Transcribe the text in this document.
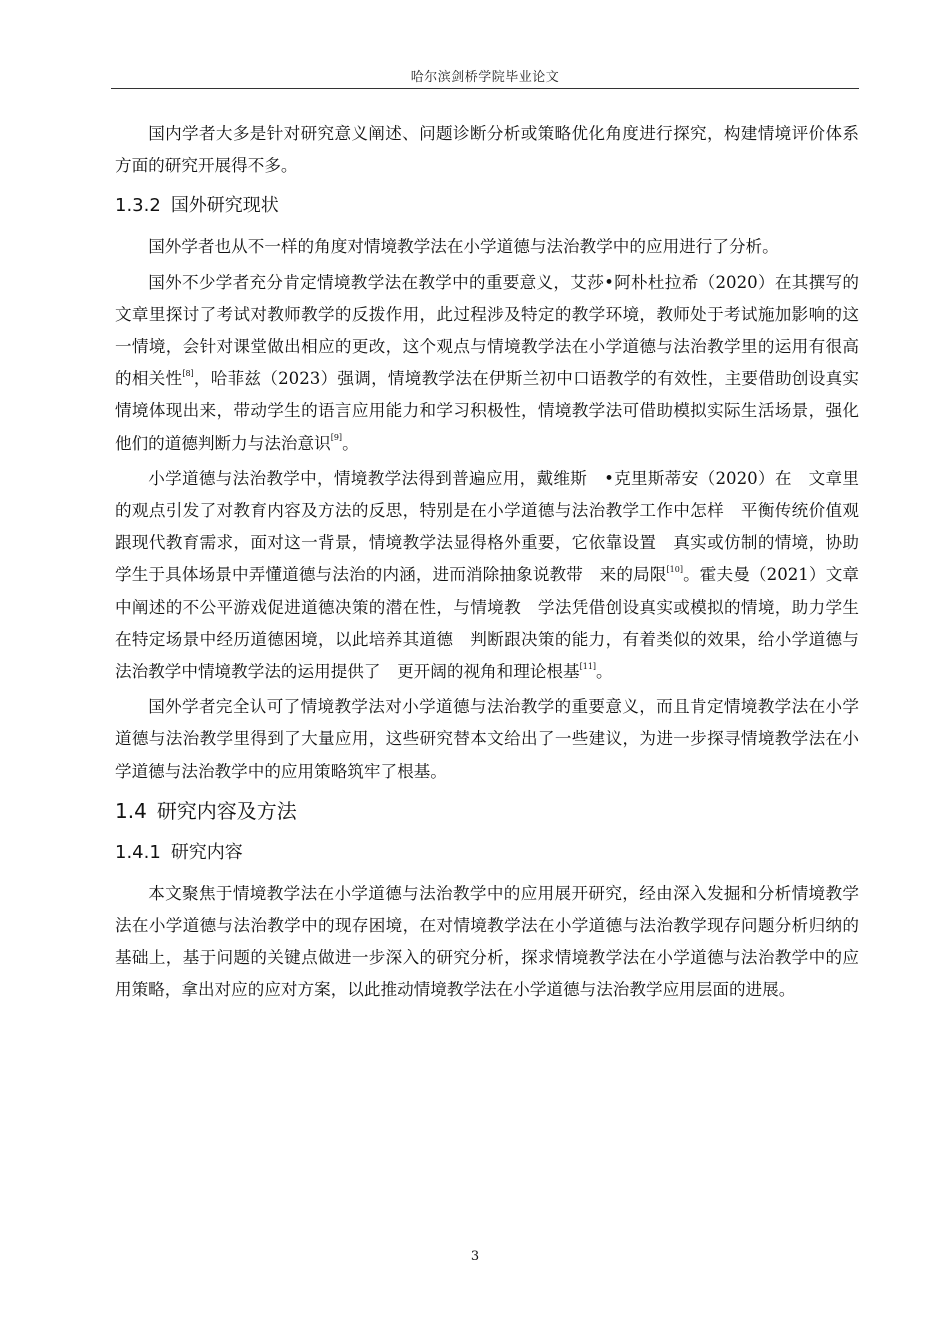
哈尔滨剑桥学院毕业论文

国内学者大多是针对研究意义阐述、问题诊断分析或策略优化角度进行探究，构建情境评价体系方面的研究开展得不多。

1.3.2 国外研究现状

国外学者也从不一样的角度对情境教学法在小学道德与法治教学中的应用进行了分析。

国外不少学者充分肯定情境教学法在教学中的重要意义，艾莎•阿朴杜拉希（2020）在其撰写的文章里探讨了考试对教师教学的反拨作用，此过程涉及特定的教学环境，教师处于考试施加影响的这一情境，会针对课堂做出相应的更改，这个观点与情境教学法在小学道德与法治教学里的运用有很高的相关性[8]，哈菲兹（2023）强调，情境教学法在伊斯兰初中口语教学的有效性，主要借助创设真实情境体现出来，带动学生的语言应用能力和学习积极性，情境教学法可借助模拟实际生活场景，强化他们的道德判断力与法治意识[9]。

小学道德与法治教学中，情境教学法得到普遍应用，戴维斯　•克里斯蒂安（2020）在　文章里的观点引发了对教育内容及方法的反思，特别是在小学道德与法治教学工作中怎样　平衡传统价值观跟现代教育需求，面对这一背景，情境教学法显得格外重要，它依靠设置　真实或仿制的情境，协助学生于具体场景中弄懂道德与法治的内涵，进而消除抽象说教带　来的局限[10]。霍夫曼（2021）文章中阐述的不公平游戏促进道德决策的潜在性，与情境教　学法凭借创设真实或模拟的情境，助力学生在特定场景中经历道德困境，以此培养其道德　判断跟决策的能力，有着类似的效果，给小学道德与法治教学中情境教学法的运用提供了　更开阔的视角和理论根基[11]。

国外学者完全认可了情境教学法对小学道德与法治教学的重要意义，而且肯定情境教学法在小学道德与法治教学里得到了大量应用，这些研究替本文给出了一些建议，为进一步探寻情境教学法在小学道德与法治教学中的应用策略筑牢了根基。

1.4 研究内容及方法
1.4.1 研究内容

本文聚焦于情境教学法在小学道德与法治教学中的应用展开研究，经由深入发掘和分析情境教学法在小学道德与法治教学中的现存困境，在对情境教学法在小学道德与法治教学现存问题分析归纳的基础上，基于问题的关键点做进一步深入的研究分析，探求情境教学法在小学道德与法治教学中的应用策略，拿出对应的应对方案，以此推动情境教学法在小学道德与法治教学应用层面的进展。

3
